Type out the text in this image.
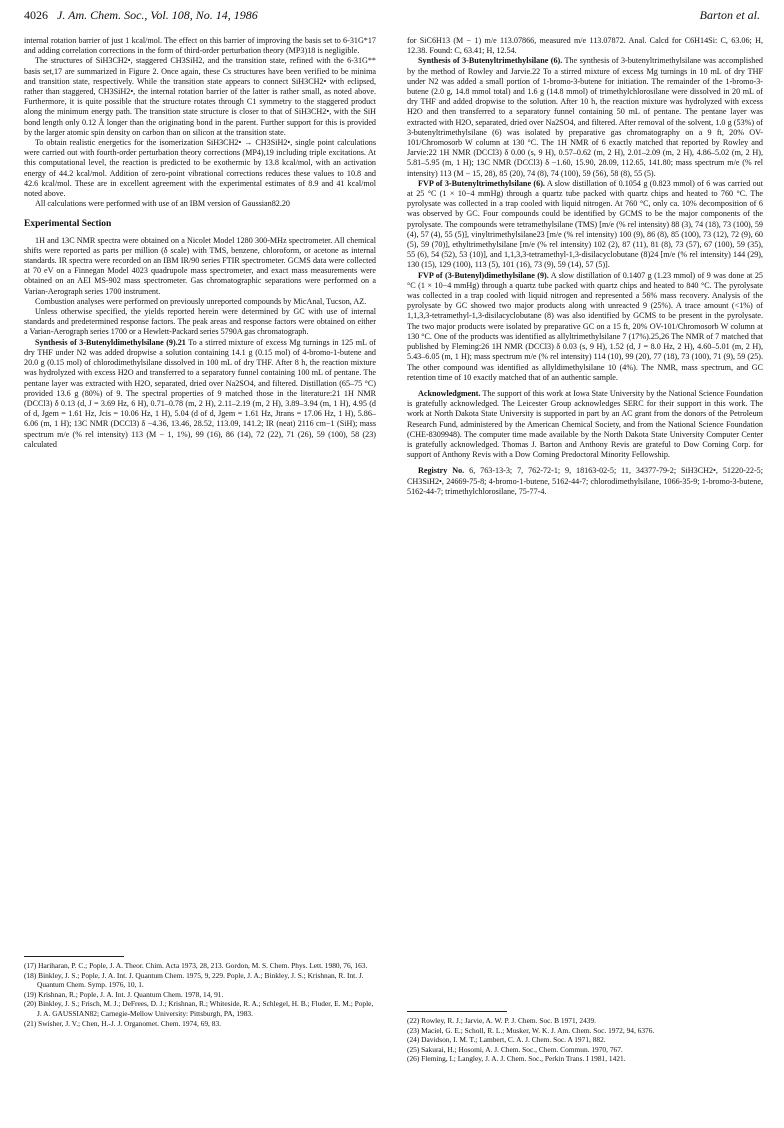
4026 J. Am. Chem. Soc., Vol. 108, No. 14, 1986	Barton et al.

internal rotation barrier of just 1 kcal/mol. The effect on this barrier of improving the basis set to 6-31G*17 and adding correlation corrections in the form of third-order perturbation theory (MP3)18 is negligible.

The structures of SiH3CH2•, staggered CH3SiH2, and the transition state, refined with the 6-31G** basis set,17 are summarized in Figure 2. Once again, these Cs structures have been verified to be minima and transition state, respectively. While the transition state appears to connect SiH3CH2• with eclipsed, rather than staggered, CH3SiH2•, the internal rotation barrier of the latter is rather small, as noted above. Furthermore, it is quite possible that the structure rotates through C1 symmetry to the staggered product along the minimum energy path. The transition state structure is closer to that of SiH3CH2•, with the SiH bond length only 0.12 Å longer than the originating bond in the parent. Further support for this is provided by the larger atomic spin density on carbon than on silicon at the transition state.

To obtain realistic energetics for the isomerization SiH3CH2• → CH3SiH2•, single point calculations were carried out with fourth-order perturbation theory corrections (MP4),19 including triple excitations. At this computational level, the reaction is predicted to be exothermic by 13.8 kcal/mol, with an activation energy of 44.2 kcal/mol. Addition of zero-point vibrational corrections reduces these values to 10.8 and 42.6 kcal/mol. These are in excellent agreement with the experimental estimates of 8.9 and 41 kcal/mol noted above.

All calculations were performed with use of an IBM version of Gaussian82.20

Experimental Section

1H and 13C NMR spectra were obtained on a Nicolet Model 1280 300-MHz spectrometer. All chemical shifts were reported as parts per million (δ scale) with TMS, benzene, chloroform, or acetone as internal standards. IR spectra were recorded on an IBM IR/90 series FTIR spectrometer. GCMS data were collected at 70 eV on a Finnegan Model 4023 quadrupole mass spectrometer, and exact mass measurements were obtained on an AEI MS-902 mass spectrometer. Gas chromatographic separations were performed on a Varian-Aerograph series 1700 instrument.

Combustion analyses were performed on previously unreported compounds by MicAnal, Tucson, AZ.

Unless otherwise specified, the yields reported herein were determined by GC with use of internal standards and predetermined response factors. The peak areas and response factors were obtained on either a Varian-Aerograph series 1700 or a Hewlett-Packard series 5790A gas chromatograph.

Synthesis of 3-Butenyldimethylsilane (9).21 To a stirred mixture of excess Mg turnings in 125 mL of dry THF under N2 was added dropwise a solution containing 14.1 g (0.15 mol) of 4-bromo-1-butene and 20.0 g (0.15 mol) of chlorodimethylsilane dissolved in 100 mL of dry THF. After 8 h, the reaction mixture was hydrolyzed with excess H2O and transferred to a separatory funnel containing 100 mL of pentane. The pentane layer was extracted with H2O, separated, dried over Na2SO4, and filtered. Distillation (65–75 °C) provided 13.6 g (80%) of 9. The spectral properties of 9 matched those in the literature:21 1H NMR (DCCl3) δ 0.13 (d, J = 3.69 Hz, 6 H), 0.71–0.78 (m, 2 H), 2.11–2.19 (m, 2 H), 3.89–3.94 (m, 1 H), 4.95 (d of d, Jgem = 1.61 Hz, Jcis = 10.06 Hz, 1 H), 5.04 (d of d, Jgem = 1.61 Hz, Jtrans = 17.06 Hz, 1 H), 5.86–6.06 (m, 1 H); 13C NMR (DCCl3) δ −4.36, 13.46, 28.52, 113.09, 141.2; IR (neat) 2116 cm−1 (SiH); mass spectrum m/e (% rel intensity) 113 (M − 1, 1%), 99 (16), 86 (14), 72 (22), 71 (26), 59 (100), 58 (23) calculated

(17) Hariharan, P. C.; Pople, J. A. Theor. Chim. Acta 1973, 28, 213. Gordon, M. S. Chem. Phys. Lett. 1980, 76, 163.

(18) Binkley, J. S.; Pople, J. A. Int. J. Quantum Chem. 1975, 9, 229. Pople, J. A.; Binkley, J. S.; Krishnan, R. Int. J. Quantum Chem. Symp. 1976, 10, 1.

(19) Krishnan, R.; Pople, J. A. Int. J. Quantum Chem. 1978, 14, 91.

(20) Binkley, J. S.; Frisch, M. J.; DeFrees, D. J.; Krishnan, R.; Whiteside, R. A.; Schlegel, H. B.; Fluder, E. M.; Pople, J. A. GAUSSIAN82; Carnegie-Mellow University: Pittsburgh, PA, 1983.

(21) Swisher, J. V.; Chen, H.-J. J. Organomet. Chem. 1974, 69, 83.

for SiC6H13 (M − 1) m/e 113.07866, measured m/e 113.07872. Anal. Calcd for C6H14Si: C, 63.06; H, 12.38. Found: C, 63.41; H, 12.54.

Synthesis of 3-Butenyltrimethylsilane (6). The synthesis of 3-butenyltrimethylsilane was accomplished by the method of Rowley and Jarvie.22 To a stirred mixture of excess Mg turnings in 10 mL of dry THF under N2 was added a small portion of 1-bromo-3-butene for initiation. The remainder of the 1-bromo-3-butene (2.0 g, 14.8 mmol total) and 1.6 g (14.8 mmol) of trimethylchlorosilane were dissolved in 20 mL of dry THF and added dropwise to the solution. After 10 h, the reaction mixture was hydrolyzed with excess H2O and then transferred to a separatory funnel containing 50 mL of pentane. The pentane layer was extracted with H2O, separated, dried over Na2SO4, and filtered. After removal of the solvent, 1.0 g (53%) of 3-butenyltrimethylsilane (6) was isolated by preparative gas chromatography on a 9 ft, 20% OV-101/Chromosorb W column at 130 °C. The 1H NMR of 6 exactly matched that reported by Rowley and Jarvie:22 1H NMR (DCCl3) δ 0.00 (s, 9 H), 0.57–0.62 (m, 2 H), 2.01–2.09 (m, 2 H), 4.86–5.02 (m, 2 H), 5.81–5.95 (m, 1 H); 13C NMR (DCCl3) δ −1.60, 15.90, 28.09, 112.65, 141.80; mass spectrum m/e (% rel intensity) 113 (M − 15, 28), 85 (20), 74 (8), 74 (100), 59 (56), 58 (8), 55 (5).

FVP of 3-Butenyltrimethylsilane (6). A slow distillation of 0.1054 g (0.823 mmol) of 6 was carried out at 25 °C (1 × 10−4 mmHg) through a quartz tube packed with quartz chips and heated to 760 °C. The pyrolysate was collected in a trap cooled with liquid nitrogen. At 760 °C, only ca. 10% decomposition of 6 was observed by GC. Four compounds could be identified by GCMS to be the major components of the pyrolysate. The compounds were tetramethylsilane (TMS) [m/e (% rel intensity) 88 (3), 74 (18), 73 (100), 59 (4), 57 (4), 55 (5)], vinyltrimethylsilane23 [m/e (% rel intensity) 100 (9), 86 (8), 85 (100), 73 (12), 72 (9), 60 (5), 59 (70)], ethyltrimethylsilane [m/e (% rel intensity) 102 (2), 87 (11), 81 (8), 73 (57), 67 (100), 59 (35), 55 (6), 54 (52), 53 (10)], and 1,1,3,3-tetramethyl-1,3-disilacyclobutane (8)24 [m/e (% rel intensity) 144 (29), 130 (15), 129 (100), 113 (5), 101 (16), 73 (9), 59 (14), 57 (5)].

FVP of (3-Butenyl)dimethylsilane (9). A slow distillation of 0.1407 g (1.23 mmol) of 9 was done at 25 °C (1 × 10−4 mmHg) through a quartz tube packed with quartz chips and heated to 840 °C. The pyrolysate was collected in a trap cooled with liquid nitrogen and represented a 56% mass recovery. Analysis of the pyrolysate by GC showed two major products along with unreacted 9 (25%). A trace amount (<1%) of 1,1,3,3-tetramethyl-1,3-disilacyclobutane (8) was also identified by GCMS to be present in the pyrolysate. The two major products were isolated by preparative GC on a 15 ft, 20% OV-101/Chromosorb W column at 130 °C. One of the products was identified as allyltrimethylsilane 7 (17%).25,26 The NMR of 7 matched that published by Fleming:26 1H NMR (DCCl3) δ 0.03 (s, 9 H), 1.52 (d, J = 8.0 Hz, 2 H), 4.60–5.01 (m, 2 H), 5.43–6.05 (m, 1 H); mass spectrum m/e (% rel intensity) 114 (10), 99 (20), 77 (18), 73 (100), 71 (9), 59 (25). The other compound was identified as allyldimethylsilane 10 (4%). The NMR, mass spectrum, and GC retention time of 10 exactly matched that of an authentic sample.

Acknowledgment. The support of this work at Iowa State University by the National Science Foundation is gratefully acknowledged. The Leicester Group acknowledges SERC for their support in this work. The work at North Dakota State University is supported in part by an AC grant from the donors of the Petroleum Research Fund, administered by the American Chemical Society, and from the National Science Foundation (CHE-8309948). The computer time made available by the North Dakota State University Computer Center is gratefully acknowledged. Thomas J. Barton and Anthony Revis are grateful to Dow Corning Corp. for support of Anthony Revis with a Dow Corning Predoctoral Minority Fellowship.

Registry No. 6, 763-13-3; 7, 762-72-1; 9, 18163-02-5; 11, 34377-79-2; SiH3CH2•, 51220-22-5; CH3SiH2•, 24669-75-8; 4-bromo-1-butene, 5162-44-7; chlorodimethylsilane, 1066-35-9; 1-bromo-3-butene, 5162-44-7; trimethylchlorosilane, 75-77-4.

(22) Rowley, R. J.; Jarvie, A. W. P. J. Chem. Soc. B 1971, 2439.

(23) Maciel, G. E.; Scholl, R. L.; Musker, W. K. J. Am. Chem. Soc. 1972, 94, 6376.

(24) Davidson, I. M. T.; Lambert, C. A. J. Chem. Soc. A 1971, 882.

(25) Sakurai, H.; Hosomi, A. J. Chem. Soc., Chem. Commun. 1970, 767.

(26) Fleming, I.; Langley, J. A. J. Chem. Soc., Perkin Trans. I 1981, 1421.
